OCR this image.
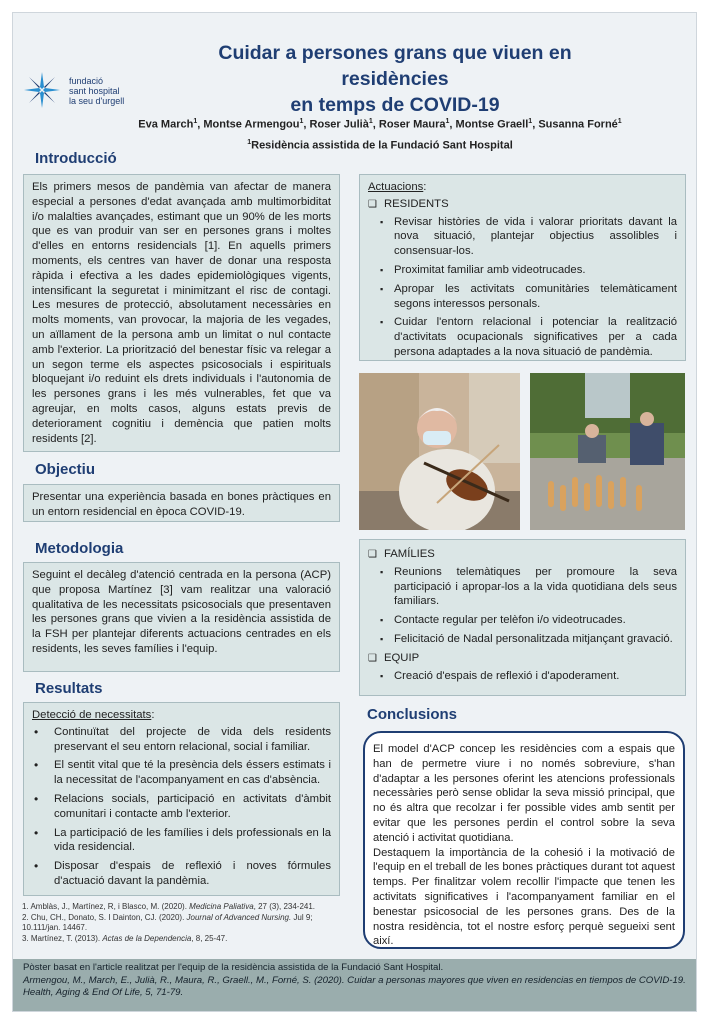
fundació
sant hospital
la seu d'urgell
Cuidar a persones grans que viuen en residències
en temps de COVID-19
Eva March$^1$, Montse Armengou$^1$, Roser Julià$^1$, Roser Maura$^1$, Montse Graell$^1$, Susanna Forné$^1$
$^1$Residència assistida de la Fundació Sant Hospital
Introducció

Els primers mesos de pandèmia van afectar de manera especial a persones d'edat avançada amb multimorbiditat i/o malalties avançades, estimant que un 90% de les morts que es van produir van ser en persones grans i moltes d'elles en entorns residencials [1]. En aquells primers moments, els centres van haver de donar una resposta ràpida i efectiva a les dades epidemiològiques vigents, intensificant la seguretat i minimitzant el risc de contagi. Les mesures de protecció, absolutament necessàries en molts moments, van provocar, la majoria de les vegades, un aïllament de la persona amb un limitat o nul contacte amb l'exterior. La priorització del benestar físic va relegar a un segon terme els aspectes psicosocials i espirituals bloquejant i/o reduint els drets individuals i l'autonomia de les persones grans i les més vulnerables, fet que va agreujar, en molts casos, alguns estats previs de deteriorament cognitiu i demència que patien molts residents [2].

Objectiu

Presentar una experiència basada en bones pràctiques en un entorn residencial en època COVID-19.

Metodologia

Seguint el decàleg d'atenció centrada en la persona (ACP) que proposa Martínez [3] vam realitzar una valoració qualitativa de les necessitats psicosocials que presentaven les persones grans que vivien a la residència assistida de la FSH per plantejar diferents actuacions centrades en els residents, les seves famílies i l'equip.

Resultats
Detecció de necessitats:
• Continuïtat del projecte de vida dels residents preservant el seu entorn relacional, social i familiar.
• El sentit vital que té la presència dels éssers estimats i la necessitat de l'acompanyament en cas d'absència.
• Relacions socials, participació en activitats d'àmbit comunitari i contacte amb l'exterior.
• La participació de les famílies i dels professionals en la vida residencial.
• Disposar d'espais de reflexió i noves fórmules d'actuació davant la pandèmia.
1. Amblàs, J., Martínez, R, i Blasco, M. (2020). Medicina Paliativa, 27 (3), 234-241.
2. Chu, CH., Donato, S. I Dainton, CJ. (2020). Journal of Advanced Nursing. Jul 9; 10.111/jan. 14467.
3. Martínez, T. (2013). Actas de la Dependencia, 8, 25-47.
Actuacions:
❑ RESIDENTS
▪ Revisar històries de vida i valorar prioritats davant la nova situació, plantejar objectius assolibles i consensuar-los.
▪ Proximitat familiar amb videotrucades.
▪ Apropar les activitats comunitàries telemàticament segons interessos personals.
▪ Cuidar l'entorn relacional i potenciar la realització d'activitats ocupacionals significatives per a cada persona adaptades a la nova situació de pandèmia.
❑ FAMÍLIES
▪ Reunions telemàtiques per promoure la seva participació i apropar-los a la vida quotidiana dels seus familiars.
▪ Contacte regular per telèfon i/o videotrucades.
▪ Felicitació de Nadal personalitzada mitjançant gravació.
❑ EQUIP
▪ Creació d'espais de reflexió i d'apoderament.
Conclusions

El model d'ACP concep les residències com a espais que han de permetre viure i no només sobreviure, s'han d'adaptar a les persones oferint les atencions professionals necessàries però sense oblidar la seva missió principal, que no és altra que recolzar i fer possible vides amb sentit per evitar que les persones perdin el control sobre la seva atenció i activitat quotidiana.

Destaquem la importància de la cohesió i la motivació de l'equip en el treball de les bones pràctiques durant tot aquest temps. Per finalitzar volem recollir l'impacte que tenen les activitats significatives i l'acompanyament familiar en el benestar psicosocial de les persones grans. Des de la nostra residència, tot el nostre esforç perquè segueixi sent així.

Pòster basat en l'article realitzat per l'equip de la residència assistida de la Fundació Sant Hospital.
Armengou, M., March, E., Julià, R., Maura, R., Graell., M., Forné, S. (2020). Cuidar a personas mayores que viven en residencias en tiempos de COVID-19. Health, Aging & End Of Life, 5, 71-79.
